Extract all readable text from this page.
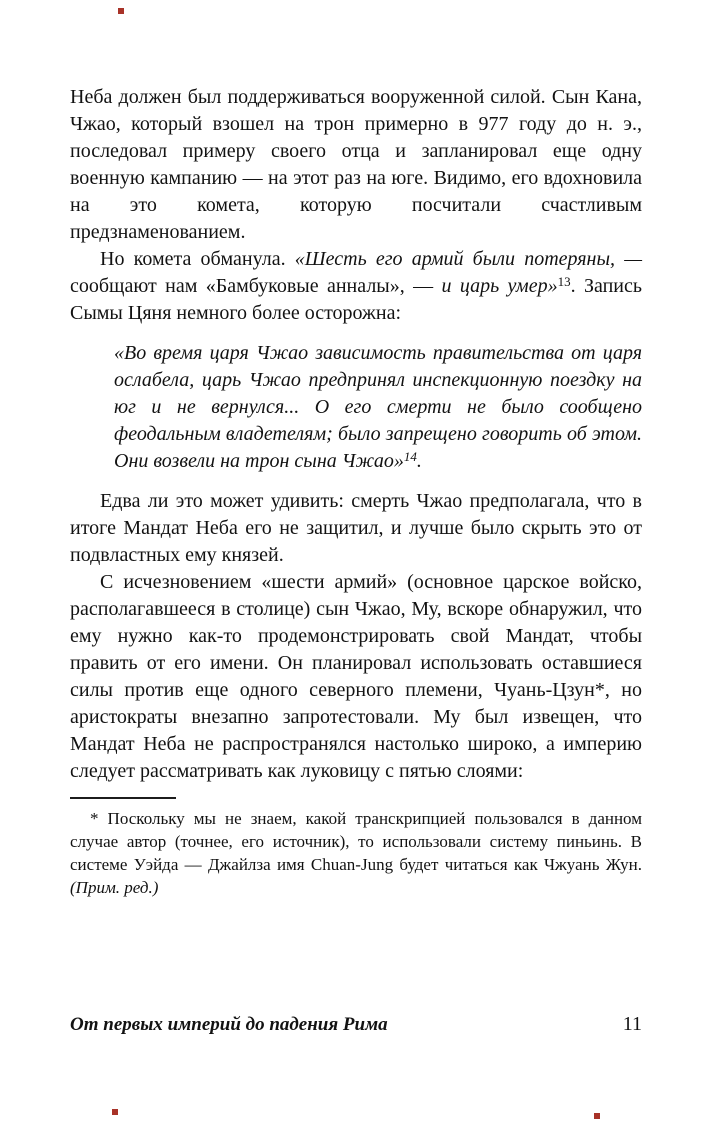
Неба должен был поддерживаться вооруженной силой. Сын Кана, Чжао, который взошел на трон примерно в 977 году до н. э., последовал примеру своего отца и запланировал еще одну военную кампанию — на этот раз на юге. Видимо, его вдохновила на это комета, которую посчитали счастливым предзнаменованием.

Но комета обманула. «Шесть его армий были потеряны, — сообщают нам «Бамбуковые анналы», — и царь умер»$^{13}$. Запись Сымы Цяня немного более осторожна:

«Во время царя Чжао зависимость правительства от царя ослабела, царь Чжао предпринял инспекционную поездку на юг и не вернулся... О его смерти не было сообщено феодальным владетелям; было запрещено говорить об этом. Они возвели на трон сына Чжао»$^{14}$.

Едва ли это может удивить: смерть Чжао предполагала, что в итоге Мандат Неба его не защитил, и лучше было скрыть это от подвластных ему князей.

С исчезновением «шести армий» (основное царское войско, располагавшееся в столице) сын Чжао, Му, вскоре обнаружил, что ему нужно как-то продемонстрировать свой Мандат, чтобы править от его имени. Он планировал использовать оставшиеся силы против еще одного северного племени, Чуань-Цзун*, но аристократы внезапно запротестовали. Му был извещен, что Мандат Неба не распространялся настолько широко, а империю следует рассматривать как луковицу с пятью слоями:

* Поскольку мы не знаем, какой транскрипцией пользовался в данном случае автор (точнее, его источник), то использовали систему пиньинь. В системе Уэйда — Джайлза имя Chuan-Jung будет читаться как Чжуань Жун. (Прим. ред.)

От первых империй до падения Рима	11
